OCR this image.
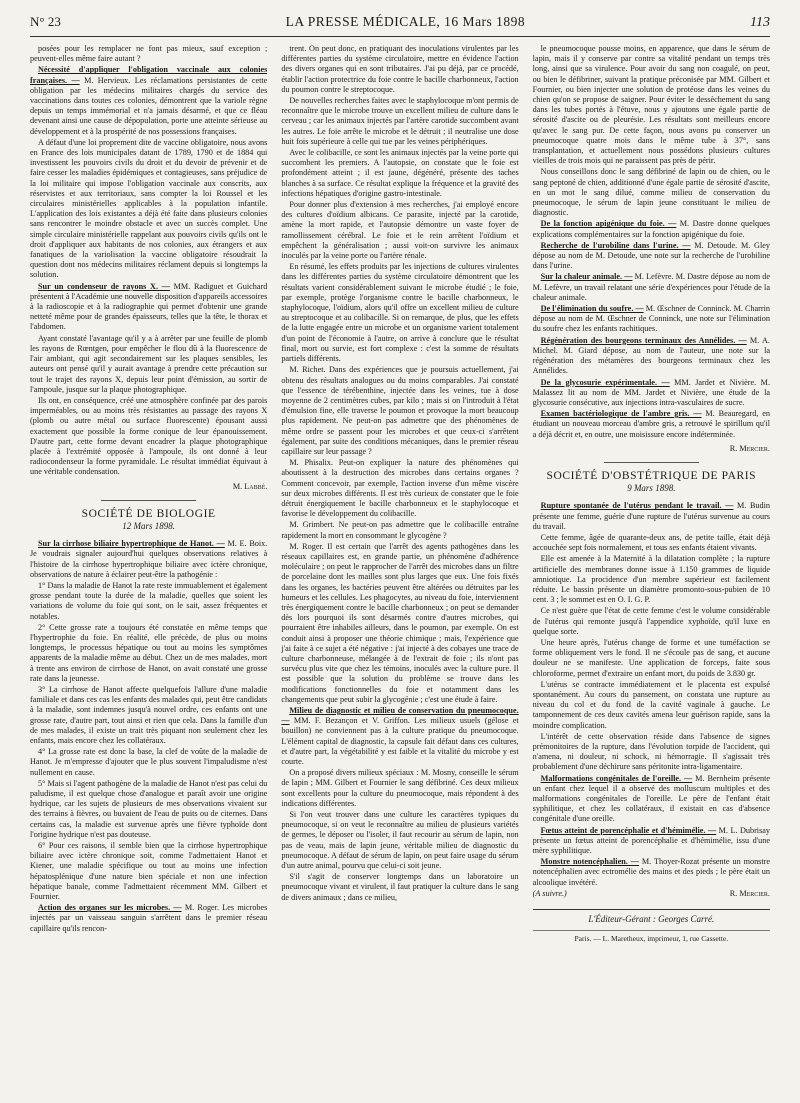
N° 23	LA PRESSE MÉDICALE, 16 Mars 1898	113

posées pour les remplacer ne font pas mieux, sauf exception ; peuvent-elles même faire autant ?

Nécessité d'appliquer l'obligation vaccinale aux colonies françaises. — M. Hervieux. Les réclamations persistantes de cette obligation par les médecins militaires chargés du service des vaccinations dans toutes ces colonies, démontrent que la variole règne depuis un temps immémorial et n'a jamais désarmé, et que ce fléau devenant ainsi une cause de dépopulation, porte une atteinte sérieuse au développement et à la prospérité de nos possessions françaises.

A défaut d'une loi proprement dite de vaccine obligatoire, nous avons en France des lois municipales datant de 1789, 1790 et de 1884 qui investissent les pouvoirs civils du droit et du devoir de prévenir et de faire cesser les maladies épidémiques et contagieuses, sans préjudice de la loi militaire qui impose l'obligation vaccinale aux conscrits, aux réservistes et aux territoriaux, sans compter la loi Roussel et les circulaires ministérielles applicables à la population infantile. L'application des lois existantes a déjà été faite dans plusieurs colonies sans rencontrer le moindre obstacle et avec un succès complet. Une simple circulaire ministérielle rappelant aux pouvoirs civils qu'ils ont le droit d'appliquer aux habitants de nos colonies, aux étrangers et aux fanatiques de la variolisation la vaccine obligatoire résoudrait la question dont nos médecins militaires réclament depuis si longtemps la solution.

Sur un condenseur de rayons X. — MM. Radiguet et Guichard présentent à l'Académie une nouvelle disposition d'appareils accessoires à la radioscopie et à la radiographie qui permet d'obtenir une grande netteté même pour de grandes épaisseurs, telles que la tête, le thorax et l'abdomen.

Ayant constaté l'avantage qu'il y a à arrêter par une feuille de plomb les rayons de Rœntgen, pour empêcher le flou dû à la fluorescence de l'air ambiant, qui agit secondairement sur les plaques sensibles, les auteurs ont pensé qu'il y aurait avantage à prendre cette précaution sur tout le trajet des rayons X, depuis leur point d'émission, au sortir de l'ampoule, jusque sur la plaque photographique.

Ils ont, en conséquence, créé une atmosphère confinée par des parois imperméables, ou au moins très résistantes au passage des rayons X (plomb ou autre métal ou surface fluorescente) épousant aussi exactement que possible la forme conique de leur épanouissement. D'autre part, cette forme devant encadrer la plaque photographique placée à l'extrémité opposée à l'ampoule, ils ont donné à leur radiocondenseur la forme pyramidale. Le résultat immédiat équivaut à une véritable condensation.

M. Labbé.

SOCIÉTÉ DE BIOLOGIE
12 Mars 1898.

Sur la cirrhose biliaire hypertrophique de Hanot. — M. E. Boix. Je voudrais signaler aujourd'hui quelques observations relatives à l'histoire de la cirrhose hypertrophique biliaire avec ictère chronique, observations de nature à éclairer peut-être la pathogénie :

1° Dans la maladie de Hanot la rate reste immuablement et également grosse pendant toute la durée de la maladie, quelles que soient les variations de volume du foie qui sont, on le sait, assez fréquentes et notables.

2° Cette grosse rate a toujours été constatée en même temps que l'hypertrophie du foie. En réalité, elle précède, de plus ou moins longtemps, le processus hépatique ou tout au moins les symptômes apparents de la maladie même au début. Chez un de mes malades, mort à trente ans environ de cirrhose de Hanot, on avait constaté une grosse rate dans la jeunesse.

3° La cirrhose de Hanot affecte quelquefois l'allure d'une maladie familiale et dans ces cas les enfants des malades qui, peut être candidats à la maladie, sont indemnes jusqu'à nouvel ordre, ces enfants ont une grosse rate, d'autre part, tout ainsi et rien que cela. Dans la famille d'un de mes malades, il existe un trait très piquant non seulement chez les enfants, mais encore chez les collatéraux.

4° La grosse rate est donc la base, la clef de voûte de la maladie de Hanot. Je m'empresse d'ajouter que le plus souvent l'impaludisme n'est nullement en cause.

5° Mais si l'agent pathogène de la maladie de Hanot n'est pas celui du paludisme, il est quelque chose d'analogue et paraît avoir une origine hydrique, car les sujets de plusieurs de mes observations vivaient sur des terrains à fièvres, ou buvaient de l'eau de puits ou de citernes. Dans certains cas, la maladie est survenue après une fièvre typhoïde dont l'origine hydrique n'est pas douteuse.

6° Pour ces raisons, il semble bien que la cirrhose hypertrophique biliaire avec ictère chronique soit, comme l'admettaient Hanot et Kiener, une maladie spécifique ou tout au moins une infection hépatosplénique d'une nature bien spéciale et non une infection hépatique banale, comme l'admettaient récemment MM. Gilbert et Fournier.

Action des organes sur les microbes. — M. Roger. Les microbes injectés par un vaisseau sanguin s'arrêtent dans le premier réseau capillaire qu'ils rencon-

trent. On peut donc, en pratiquant des inoculations virulentes par les différentes parties du système circulatoire, mettre en évidence l'action des divers organes qui en sont tributaires. J'ai pu déjà, par ce procédé, établir l'action protectrice du foie contre le bacille charbonneux, l'action du poumon contre le streptocoque.

De nouvelles recherches faites avec le staphylocoque m'ont permis de reconnaître que le microbe trouve un excellent milieu de culture dans le cerveau ; car les animaux injectés par l'artère carotide succombent avant les autres. Le foie arrête le microbe et le détruit ; il neutralise une dose huit fois supérieure à celle qui tue par les veines périphériques.

Avec le colibacille, ce sont les animaux injectés par la veine porte qui succombent les premiers. A l'autopsie, on constate que le foie est profondément atteint ; il est jaune, dégénéré, présente des taches blanches à sa surface. Ce résultat explique la fréquence et la gravité des infections hépatiques d'origine gastro-intestinale.

Pour donner plus d'extension à mes recherches, j'ai employé encore des cultures d'oïdium albicans. Ce parasite, injecté par la carotide, amène la mort rapide, et l'autopsie démontre un vaste foyer de ramollissement cérébral. Le foie et le rein arrêtent l'oïdium et empêchent la généralisation ; aussi voit-on survivre les animaux inoculés par la veine porte ou l'artère rénale.

En résumé, les effets produits par les injections de cultures virulentes dans les différentes parties du système circulatoire démontrent que les résultats varient considérablement suivant le microbe étudié ; le foie, par exemple, protège l'organisme contre le bacille charbonneux, le staphylocoque, l'oïdium, alors qu'il offre un excellent milieu de culture au streptocoque et au colibacille. Si on remarque, de plus, que les effets de la lutte engagée entre un microbe et un organisme varient totalement d'un point de l'économie à l'autre, on arrive à conclure que le résultat final, mort ou survie, est fort complexe : c'est la somme de résultats partiels différents.

M. Richet. Dans des expériences que je poursuis actuellement, j'ai obtenu des résultats analogues ou du moins comparables. J'ai constaté que l'essence de térébenthine, injectée dans les veines, tue à dose moyenne de 2 centimètres cubes, par kilo ; mais si on l'introduit à l'état d'émulsion fine, elle traverse le poumon et provoque la mort beaucoup plus rapidement. Ne peut-on pas admettre que des phénomènes de même ordre se passent pour les microbes et que ceux-ci s'arrêtent également, par suite des conditions mécaniques, dans le premier réseau capillaire sur leur passage ?

M. Phisalix. Peut-on expliquer la nature des phénomènes qui aboutissent à la destruction des microbes dans certains organes ? Comment concevoir, par exemple, l'action inverse d'un même viscère sur deux microbes différents. Il est très curieux de constater que le foie détruit énergiquement le bacille charbonneux et le staphylocoque et favorise le développement du colibacille.

M. Grimbert. Ne peut-on pas admettre que le colibacille entraîne rapidement la mort en consommant le glycogène ?

M. Roger. Il est certain que l'arrêt des agents pathogènes dans les réseaux capillaires est, en grande partie, un phénomène d'adhérence moléculaire ; on peut le rapprocher de l'arrêt des microbes dans un filtre de porcelaine dont les mailles sont plus larges que eux. Une fois fixés dans les organes, les bactéries peuvent être altérées ou détruites par les humeurs et les cellules. Les phagocytes, au niveau du foie, interviennent très énergiquement contre le bacille charbonneux ; on peut se demander dès lors pourquoi ils sont désarmés contre d'autres microbes, qui pourraient être inhabiles ailleurs, dans le poumon, par exemple. On est conduit ainsi à proposer une théorie chimique ; mais, l'expérience que j'ai faite à ce sujet a été négative : j'ai injecté à des cobayes une trace de culture charbonneuse, mélangée à de l'extrait de foie ; ils n'ont pas survécu plus vite que chez les témoins, inoculés avec la culture pure. Il est possible que la solution du problème se trouve dans les modifications fonctionnelles du foie et notamment dans les changements que peut subir la glycogénie ; c'est une étude à faire.

Milieu de diagnostic et milieu de conservation du pneumocoque. — MM. F. Bezançon et V. Griffon. Les milieux usuels (gélose et bouillon) ne conviennent pas à la culture pratique du pneumocoque. L'élément capital de diagnostic, la capsule fait défaut dans ces cultures, et d'autre part, la végétabilité y est faible et la vitalité du microbe y est courte.

On a proposé divers milieux spéciaux : M. Mosny, conseille le sérum de lapin ; MM. Gilbert et Fournier le sang défibriné. Ces deux milieux sont excellents pour la culture du pneumocoque, mais répondent à des indications différentes.

Si l'on veut trouver dans une culture les caractères typiques du pneumocoque, si on veut le reconnaître au milieu de plusieurs variétés de germes, le déposer ou l'isoler, il faut recourir au sérum de lapin, non pas de veau, mais de lapin jeune, véritable milieu de diagnostic du pneumocoque. A défaut de sérum de lapin, on peut faire usage du sérum d'un autre animal, pourvu que celui-ci soit jeune.

S'il s'agit de conserver longtemps dans un laboratoire un pneumocoque vivant et virulent, il faut pratiquer la culture dans le sang de divers animaux ; dans ce milieu,

le pneumocoque pousse moins, en apparence, que dans le sérum de lapin, mais il y conserve par contre sa vitalité pendant un temps très long, ainsi que sa virulence. Pour avoir du sang non coagulé, on peut, ou bien le défibriner, suivant la pratique préconisée par MM. Gilbert et Fournier, ou bien injecter une solution de protéose dans les veines du chien qu'on se propose de saigner. Pour éviter le dessèchement du sang dans les tubes portés à l'étuve, nous y ajoutons une égale partie de sérosité d'ascite ou de pleurésie. Les résultats sont meilleurs encore qu'avec le sang pur. De cette façon, nous avons pu conserver un pneumocoque quatre mois dans le même tube à 37°, sans transplantation, et actuellement nous possédons plusieurs cultures vieilles de trois mois qui ne paraissent pas près de périr.

Nous conseillons donc le sang défibriné de lapin ou de chien, ou le sang peptoné de chien, additionné d'une égale partie de sérosité d'ascite, en un mot le sang dilué, comme milieu de conservation du pneumocoque, le sérum de lapin jeune constituant le milieu de diagnostic.

De la fonction apigénique du foie. — M. Dastre donne quelques explications complémentaires sur la fonction apigénique du foie.

Recherche de l'urobiline dans l'urine. — M. Detoude. M. Gley dépose au nom de M. Detoude, une note sur la recherche de l'urobiline dans l'urine.

Sur la chaleur animale. — M. Lefèvre. M. Dastre dépose au nom de M. Lefèvre, un travail relatant une série d'expériences pour l'étude de la chaleur animale.

De l'élimination du soufre. — M. Œschner de Conninck. M. Charrin dépose au nom de M. Œschner de Conninck, une note sur l'élimination du soufre chez les enfants rachitiques.

Régénération des bourgeons terminaux des Annélides. — M. A. Michel. M. Giard dépose, au nom de l'auteur, une note sur la régénération des métamères des bourgeons terminaux chez les Annélides.

De la glycosurie expérimentale. — MM. Jardet et Nivière. M. Malassez lit au nom de MM. Jardet et Nivière, une étude de la glycosurie consécutive, aux injections intra-vasculaires de sucre.

Examen bactériologique de l'ambre gris. — M. Beauregard, en étudiant un nouveau morceau d'ambre gris, a retrouvé le spirillum qu'il a déjà décrit et, en outre, une moisissure encore indéterminée.

R. Mercier.

SOCIÉTÉ D'OBSTÉTRIQUE DE PARIS
9 Mars 1898.

Rupture spontanée de l'utérus pendant le travail. — M. Budin présente une femme, guérie d'une rupture de l'utérus survenue au cours du travail.

Cette femme, âgée de quarante-deux ans, de petite taille, était déjà accouchée sept fois normalement, et tous ses enfants étaient vivants.

Elle est amenée à la Maternité à la dilatation complète ; la rupture artificielle des membranes donne issue à 1.150 grammes de liquide amniotique. La procidence d'un membre supérieur est facilement réduite. Le bassin présente un diamètre promonto-sous-pubien de 10 cent. 3 ; le sommet est en O. I. G. P.

Ce n'est guère que l'état de cette femme c'est le volume considérable de l'utérus qui remonte jusqu'à l'appendice xyphoïde, qu'il luxe en quelque sorte.

Une heure après, l'utérus change de forme et une tuméfaction se forme obliquement vers le fond. Il ne s'écoule pas de sang, et aucune douleur ne se manifeste. Une application de forceps, faite sous chloroforme, permet d'extraire un enfant mort, du poids de 3.830 gr.

L'utérus se contracte immédiatement et le placenta est expulsé spontanément. Au cours du pansement, on constata une rupture au niveau du col et du fond de la cavité vaginale à gauche. Le tamponnement de ces deux cavités amena leur guérison rapide, sans la moindre complication.

L'intérêt de cette observation réside dans l'absence de signes prémonitoires de la rupture, dans l'évolution torpide de l'accident, qui n'amena, ni douleur, ni schock, ni hémorragie. Il s'agissait très probablement d'une déchirure sans péritonite intra-ligamentaire.

Malformations congénitales de l'oreille. — M. Bernheim présente un enfant chez lequel il a observé des molluscum multiples et des malformations congénitales de l'oreille. Le père de l'enfant était syphilitique, et chez les collatéraux, il existait en cas d'absence congénitale d'une oreille.

Fœtus atteint de porencéphalie et d'hémimélie. — M. L. Dubrisay présente un fœtus atteint de porencéphalie et d'hémimélie, issu d'une mère syphilitique.

Monstre notencéphalien. — M. Thoyer-Rozat présente un monstre notencéphalien avec ectromélie des mains et des pieds ; le père était un alcoolique invétéré.

(A suivre.)	R. Mercier.

L'Éditeur-Gérant : Georges Carré.
Paris. — L. Maretheux, imprimeur, 1, rue Cassette.
